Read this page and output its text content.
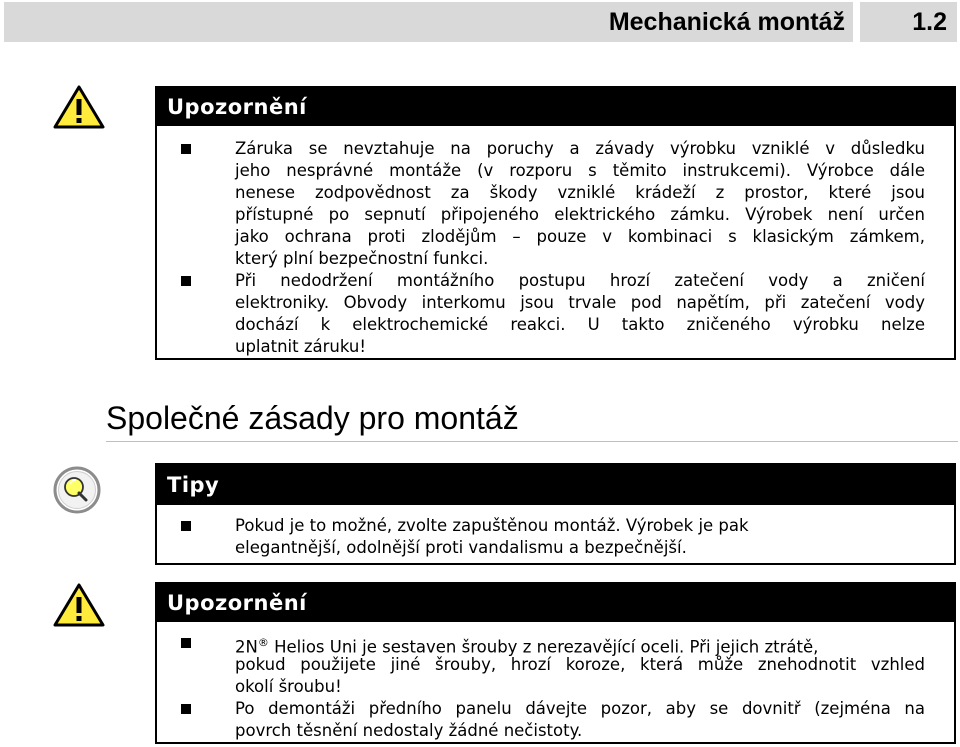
Mechanická montáž	1.2
Upozornění
Záruka se nevztahuje na poruchy a závady výrobku vzniklé v důsledku
jeho nesprávné montáže (v rozporu s těmito instrukcemi). Výrobce dále
nenese zodpovědnost za škody vzniklé krádeží z prostor, které jsou
přístupné po sepnutí připojeného elektrického zámku. Výrobek není určen
jako ochrana proti zlodějům – pouze v kombinaci s klasickým zámkem,
který plní bezpečnostní funkci.
Při nedodržení montážního postupu hrozí zatečení vody a zničení
elektroniky. Obvody interkomu jsou trvale pod napětím, při zatečení vody
dochází k elektrochemické reakci. U takto zničeného výrobku nelze
uplatnit záruku!
Společné zásady pro montáž
Tipy
Pokud je to možné, zvolte zapuštěnou montáž. Výrobek je pak
elegantnější, odolnější proti vandalismu a bezpečnější.
Upozornění
2N® Helios Uni je sestaven šrouby z nerezavějící oceli. Při jejich ztrátě,
pokud použijete jiné šrouby, hrozí koroze, která může znehodnotit vzhled
okolí šroubu!
Po demontáži předního panelu dávejte pozor, aby se dovnitř (zejména na
povrch těsnění nedostaly žádné nečistoty.
